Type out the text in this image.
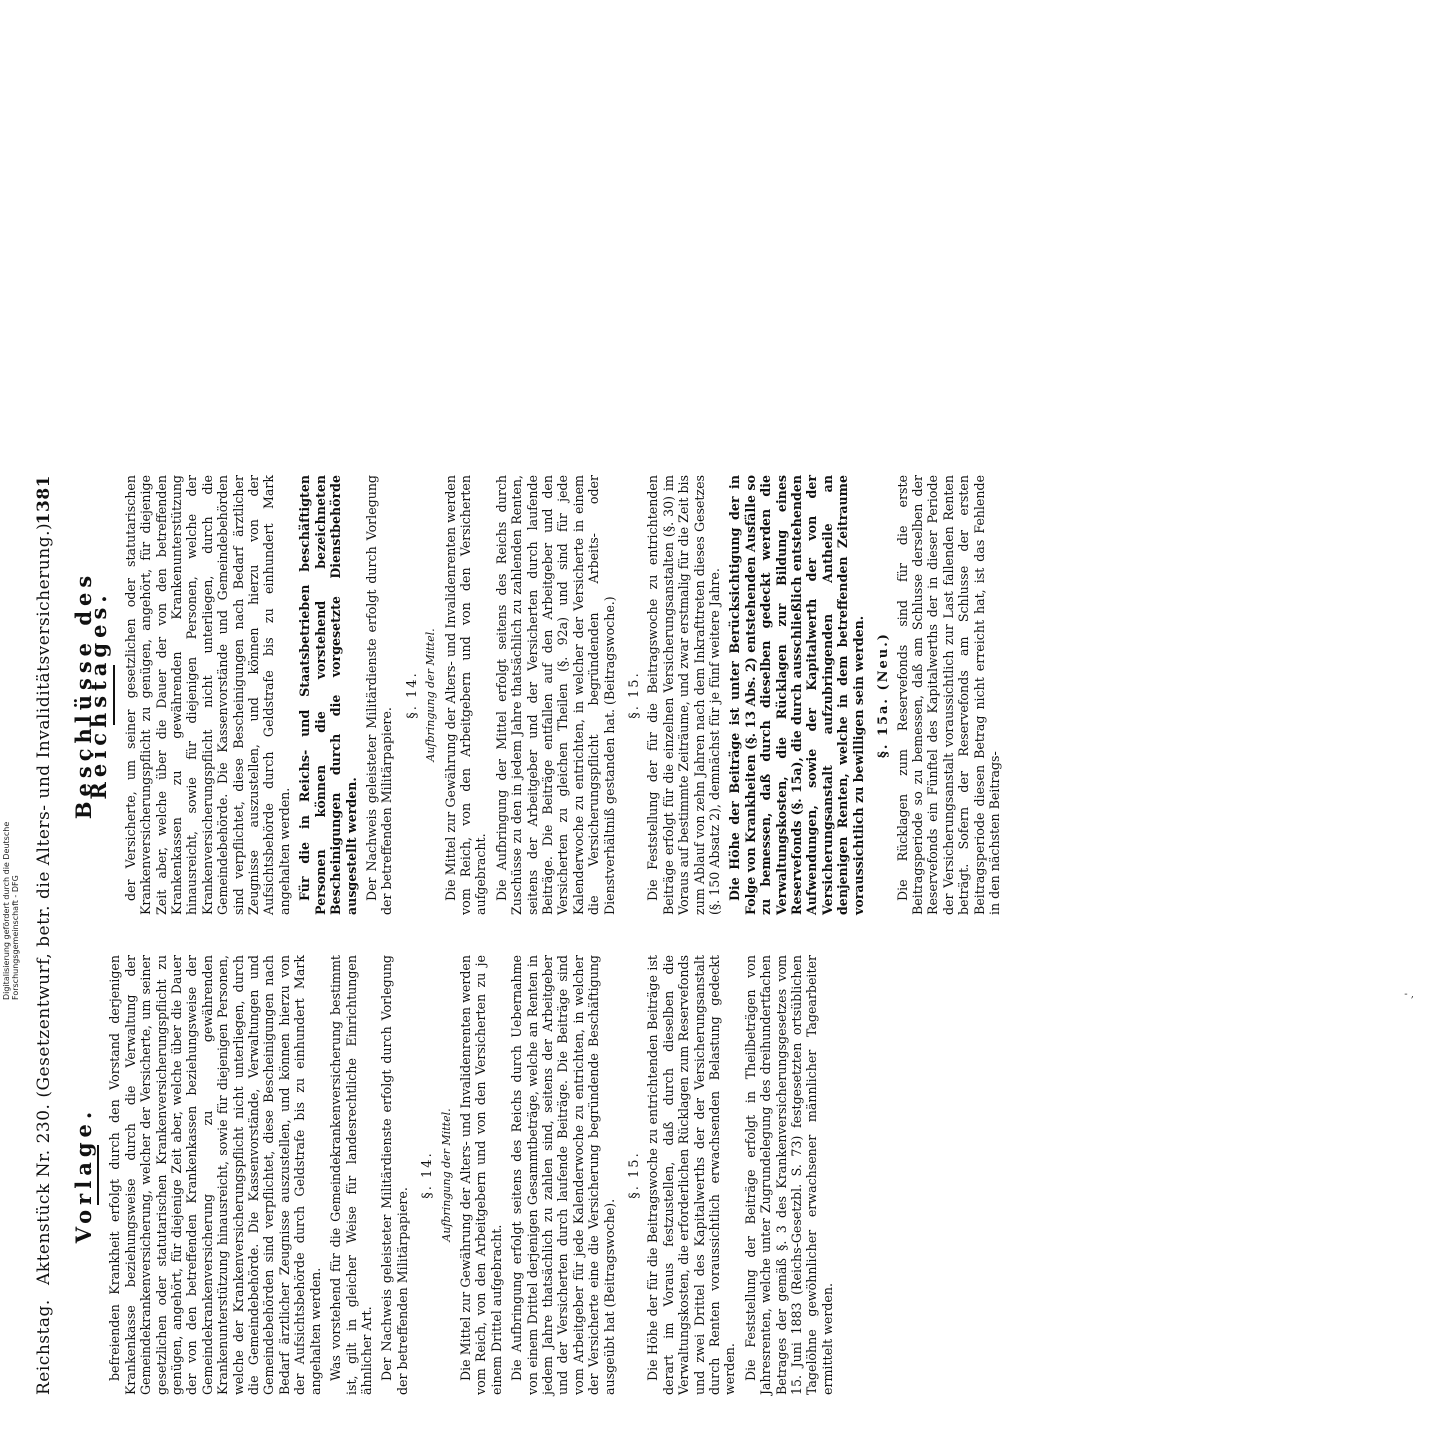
Reichstag.
Aktenstück Nr. 230. (Gesetzentwurf, betr. die Alters- und Invaliditätsversicherung.)
1381
Vorlage. befreienden Krankheit erfolgt durch den Vorstand derjenigen Krankenkasse beziehungsweise durch die Verwaltung der Gemeindekrankenversicherung, welcher der Versicherte, um seiner gesetzlichen oder statutarischen Krankenversicherungspflicht zu genügen, angehört, für diejenige Zeit aber, welche über die Dauer der von den betreffenden Krankenkassen beziehungsweise der Gemeindekrankenversicherung zu gewährenden Krankenunterstützung hinausreicht, sowie für diejenigen Personen, welche der Krankenversicherungspflicht nicht unterliegen, durch die Gemeindebehörde. Die Kassenvorstände, Verwaltungen und Gemeindebehörden sind verpflichtet, diese Bescheinigungen nach Bedarf ärztlicher Zeugnisse auszustellen, und können hierzu von der Aufsichtsbehörde durch Geldstrafe bis zu einhundert Mark angehalten werden. Was vorstehend für die Gemeindekrankenversicherung bestimmt ist, gilt in gleicher Weise für landesrechtliche Einrichtungen ähnlicher Art. Der Nachweis geleisteter Militärdienste erfolgt durch Vorlegung der betreffenden Militärpapiere.

§. 14. Aufbringung der Mittel. Die Mittel zur Gewährung der Alters- und Invalidenrenten werden vom Reich, von den Arbeitgebern und von den Versicherten zu je einem Drittel aufgebracht. Die Aufbringung erfolgt seitens des Reichs durch Uebernahme von einem Drittel derjenigen Gesammtbeträge, welche an Renten in jedem Jahre thatsächlich zu zahlen sind, seitens der Arbeitgeber und der Versicherten durch laufende Beiträge. Die Beiträge sind vom Arbeitgeber für jede Kalenderwoche zu entrichten, in welcher der Versicherte eine die Versicherung begründende Beschäftigung ausgeübt hat (Beitragswoche).

§. 15. Die Höhe der für die Beitragswoche zu entrichtenden Beiträge ist derart im Voraus festzustellen, daß durch dieselben die Verwaltungskosten, die erforderlichen Rücklagen zum Reservefonds und zwei Drittel des Kapitalwerths der der Versicherungsanstalt durch Renten voraussichtlich erwachsenden Belastung gedeckt werden. Die Feststellung der Beiträge erfolgt in Theilbeträgen von Jahresrenten, welche unter Zugrundelegung des dreihundertfachen Betrages der gemäß §. 3 des Krankenversicherungsgesetzes vom 15. Juni 1883 (Reichs-Gesetzbl. S. 73) festgesetzten ortsüblichen Tagelöhne gewöhnlicher erwachsener männlicher Tagearbeiter ermittelt werden.

Beschlüsse des Reichstages. der Versicherte, um seiner gesetzlichen oder statutarischen Krankenversicherungspflicht zu genügen, angehört, für diejenige Zeit aber, welche über die Dauer der von den betreffenden Krankenkassen zu gewährenden Krankenunterstützung hinausreicht, sowie für diejenigen Personen, welche der Krankenversicherungspflicht nicht unterliegen, durch die Gemeindebehörde. Die Kassenvorstände und Gemeindebehörden sind verpflichtet, diese Bescheinigungen nach Bedarf ärztlicher Zeugnisse auszustellen, und können hierzu von der Aufsichtsbehörde durch Geldstrafe bis zu einhundert Mark angehalten werden. Für die in Reichs- und Staatsbetrieben beschäftigten Personen können die vorstehend bezeichneten Bescheinigungen durch die vorgesetzte Dienstbehörde ausgestellt werden. Der Nachweis geleisteter Militärdienste erfolgt durch Vorlegung der betreffenden Militärpapiere.

§. 14. Aufbringung der Mittel. Die Mittel zur Gewährung der Alters- und Invalidenrenten werden vom Reich, von den Arbeitgebern und von den Versicherten aufgebracht. Die Aufbringung der Mittel erfolgt seitens des Reichs durch Zuschüsse zu den in jedem Jahre thatsächlich zu zahlenden Renten, seitens der Arbeitgeber und der Versicherten durch laufende Beiträge. Die Beiträge entfallen auf den Arbeitgeber und den Versicherten zu gleichen Theilen (§. 92a) und sind für jede Kalenderwoche zu entrichten, in welcher der Versicherte in einem die Versicherungspflicht begründenden Arbeits- oder Dienstverhältniß gestanden hat. (Beitragswoche.) §. 15. Die Feststellung der für die Beitragswoche zu entrichtenden Beiträge erfolgt für die einzelnen Versicherungsanstalten (§. 30) im Voraus auf bestimmte Zeiträume, und zwar erstmalig für die Zeit bis zum Ablauf von zehn Jahren nach dem Inkrafttreten dieses Gesetzes (§. 150 Absatz 2), demnächst für je fünf weitere Jahre. Die Höhe der Beiträge ist unter Berücksichtigung der in Folge von Krankheiten (§. 13 Abs. 2) entstehenden Ausfälle so zu bemessen, daß durch dieselben gedeckt werden die Verwaltungskosten, die Rücklagen zur Bildung eines Reservefonds (§. 15a), die durch ausschließlich entstehenden Aufwendungen, sowie der Kapitalwerth der von der Versicherungsanstalt aufzubringenden Antheile an denjenigen Renten, welche in dem betreffenden Zeitraume voraussichtlich zu bewilligen sein werden. §. 15a. (Neu.) Die Rücklagen zum Reservefonds sind für die erste Beitragsperiode so zu bemessen, daß am Schlusse derselben der Reservefonds ein Fünftel des Kapitalwerths der in dieser Periode der Versicherungsanstalt voraussichtlich zur Last fallenden Renten beträgt. Sofern der Reservefonds am Schlusse der ersten Beitragsperiode diesen Betrag nicht erreicht hat, ist das Fehlende in den nächsten Beitrags-

Digitalisierung gefördert durch die Deutsche Forschungsgemeinschaft - DFG	- ,
